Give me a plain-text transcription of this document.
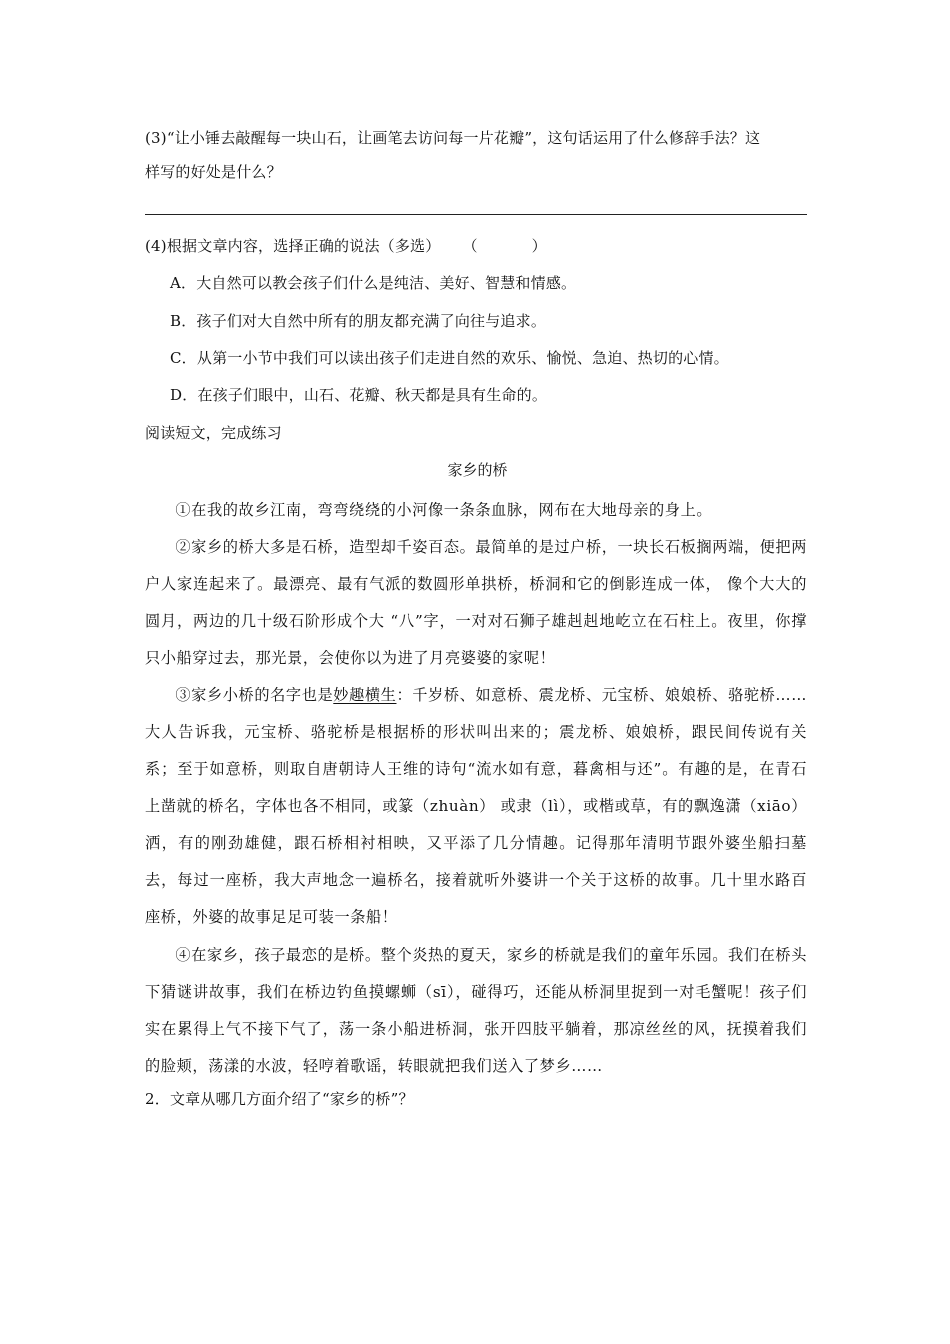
(3)“让小锤去敲醒每一块山石，让画笔去访问每一片花瓣”，这句话运用了什么修辞手法？这
样写的好处是什么？
(4)根据文章内容，选择正确的说法（多选） （	）
A．大自然可以教会孩子们什么是纯洁、美好、智慧和情感。
B．孩子们对大自然中所有的朋友都充满了向往与追求。
C．从第一小节中我们可以读出孩子们走进自然的欢乐、愉悦、急迫、热切的心情。
D．在孩子们眼中，山石、花瓣、秋天都是具有生命的。
阅读短文，完成练习
家乡的桥
①在我的故乡江南，弯弯绕绕的小河像一条条血脉，网布在大地母亲的身上。
②家乡的桥大多是石桥，造型却千姿百态。最简单的是过户桥，一块长石板搁两端，便把两户人家连起来了。最漂亮、最有气派的数圆形单拱桥，桥洞和它的倒影连成一体， 像个大大的圆月，两边的几十级石阶形成个大 “八”字，一对对石狮子雄赳赳地屹立在石柱上。夜里，你撑只小船穿过去，那光景，会使你以为进了月亮婆婆的家呢！
③家乡小桥的名字也是妙趣横生：千岁桥、如意桥、震龙桥、元宝桥、娘娘桥、骆驼桥……大人告诉我，元宝桥、骆驼桥是根据桥的形状叫出来的；震龙桥、娘娘桥，跟民间传说有关系；至于如意桥，则取自唐朝诗人王维的诗句“流水如有意，暮禽相与还”。有趣的是，在青石上凿就的桥名，字体也各不相同，或篆（zhuàn） 或隶（lì），或楷或草，有的飘逸潇（xiāo）洒，有的刚劲雄健，跟石桥相衬相映，又平添了几分情趣。记得那年清明节跟外婆坐船扫墓去，每过一座桥，我大声地念一遍桥名，接着就听外婆讲一个关于这桥的故事。几十里水路百座桥，外婆的故事足足可装一条船！
④在家乡，孩子最恋的是桥。整个炎热的夏天，家乡的桥就是我们的童年乐园。我们在桥头下猜谜讲故事，我们在桥边钓鱼摸螺蛳（sī），碰得巧，还能从桥洞里捉到一对毛蟹呢！孩子们实在累得上气不接下气了，荡一条小船进桥洞，张开四肢平躺着，那凉丝丝的风，抚摸着我们的脸颊，荡漾的水波，轻哼着歌谣，转眼就把我们送入了梦乡……
2．文章从哪几方面介绍了“家乡的桥”？
